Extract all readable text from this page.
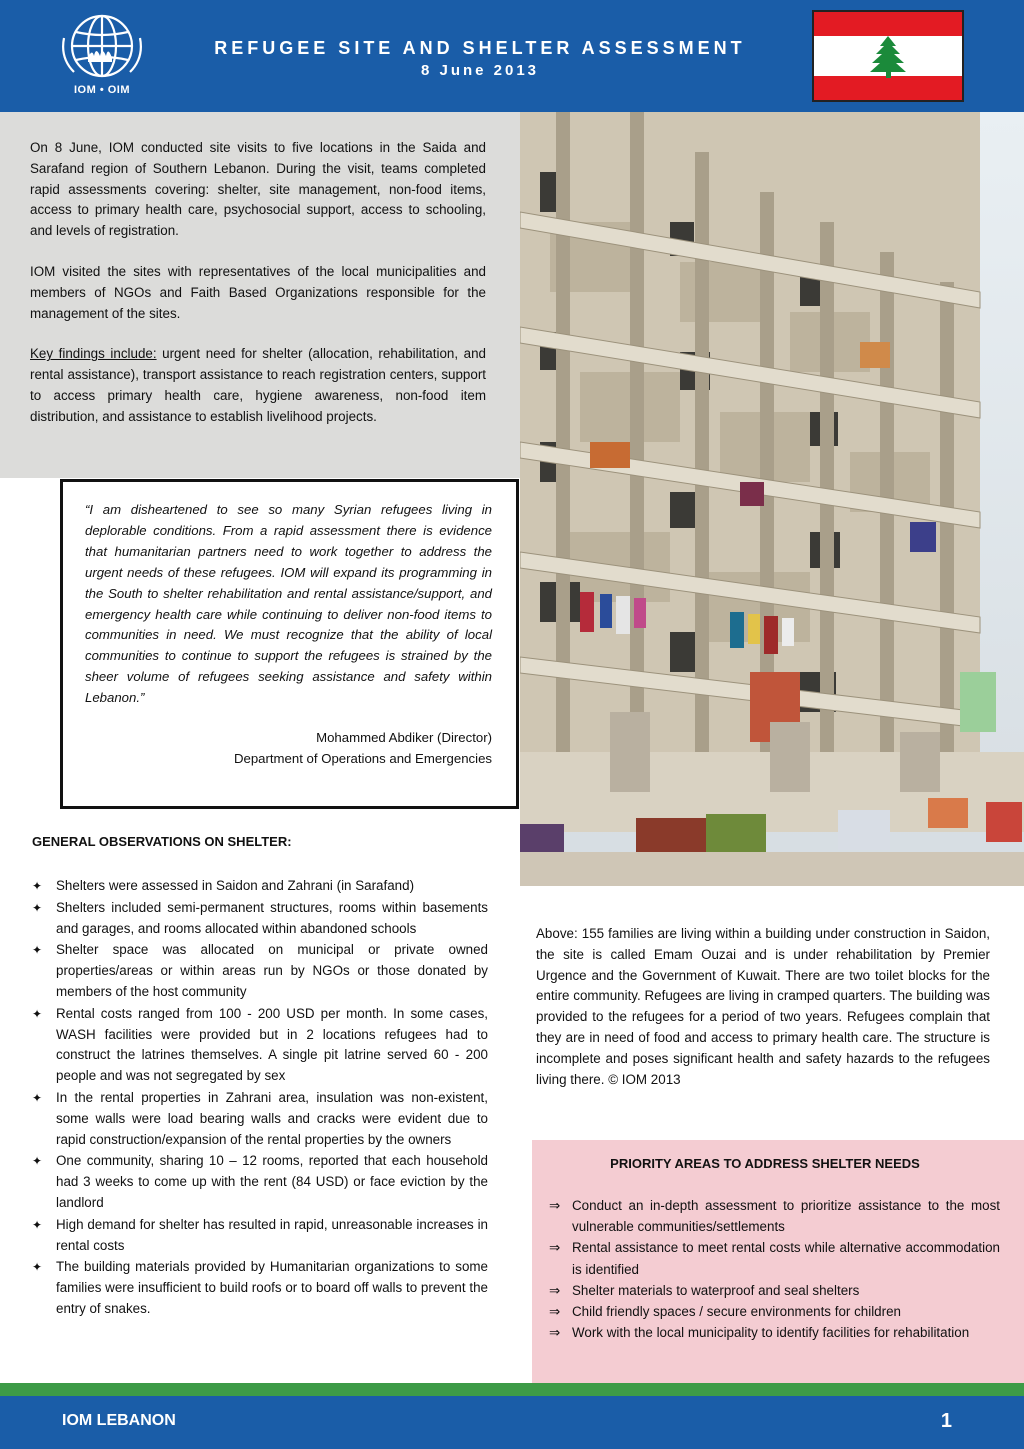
IOM • OIM
REFUGEE SITE AND SHELTER ASSESSMENT
8 June 2013

On 8 June, IOM conducted site visits to five locations in the Saida and Sarafand region of Southern Lebanon. During the visit, teams completed rapid assessments covering: shelter, site management, non-food items, access to primary health care, psychosocial support, access to schooling, and levels of registration.

IOM visited the sites with representatives of the local municipalities and members of NGOs and Faith Based Organizations responsible for the management of the sites.

Key findings include: urgent need for shelter (allocation, rehabilitation, and rental assistance), transport assistance to reach registration centers, support to access primary health care, hygiene awareness, non-food item distribution, and assistance to establish livelihood projects.

“I am disheartened to see so many Syrian refugees living in deplorable conditions. From a rapid assessment there is evidence that humanitarian partners need to work together to address the urgent needs of these refugees. IOM will expand its programming in the South to shelter rehabilitation and rental assistance/support, and emergency health care while continuing to deliver non-food items to communities in need. We must recognize that the ability of local communities to continue to support the refugees is strained by the sheer volume of refugees seeking assistance and safety within Lebanon.”

Mohammed Abdiker (Director)

Department of Operations and Emergencies

GENERAL OBSERVATIONS ON SHELTER:
✦ Shelters were assessed in Saidon and Zahrani (in Sarafand)
✦ Shelters included semi-permanent structures, rooms within basements and garages, and rooms allocated within abandoned schools
✦ Shelter space was allocated on municipal or private owned properties/areas or within areas run by NGOs or those donated by members of the host community
✦ Rental costs ranged from 100 - 200 USD per month. In some cases, WASH facilities were provided but in 2 locations refugees had to construct the latrines themselves. A single pit latrine served 60 - 200 people and was not segregated by sex
✦ In the rental properties in Zahrani area, insulation was non-existent, some walls were load bearing walls and cracks were evident due to rapid construction/expansion of the rental properties by the owners
✦ One community, sharing 10 – 12 rooms, reported that each household had 3 weeks to come up with the rent (84 USD) or face eviction by the landlord
✦ High demand for shelter has resulted in rapid, unreasonable increases in rental costs
✦ The building materials provided by Humanitarian organizations to some families were insufficient to build roofs or to board off walls to prevent the entry of snakes.

Above: 155 families are living within a building under construction in Saidon, the site is called Emam Ouzai and is under rehabilitation by Premier Urgence and the Government of Kuwait. There are two toilet blocks for the entire community. Refugees are living in cramped quarters. The building was provided to the refugees for a period of two years. Refugees complain that they are in need of food and access to primary health care. The structure is incomplete and poses significant health and safety hazards to the refugees living there. © IOM 2013

PRIORITY AREAS TO ADDRESS SHELTER NEEDS
⇒ Conduct an in-depth assessment to prioritize assistance to the most vulnerable communities/settlements
⇒ Rental assistance to meet rental costs while alternative accommodation is identified
⇒ Shelter materials to waterproof and seal shelters
⇒ Child friendly spaces / secure environments for children
⇒ Work with the local municipality to identify facilities for rehabilitation
IOM LEBANON	1
